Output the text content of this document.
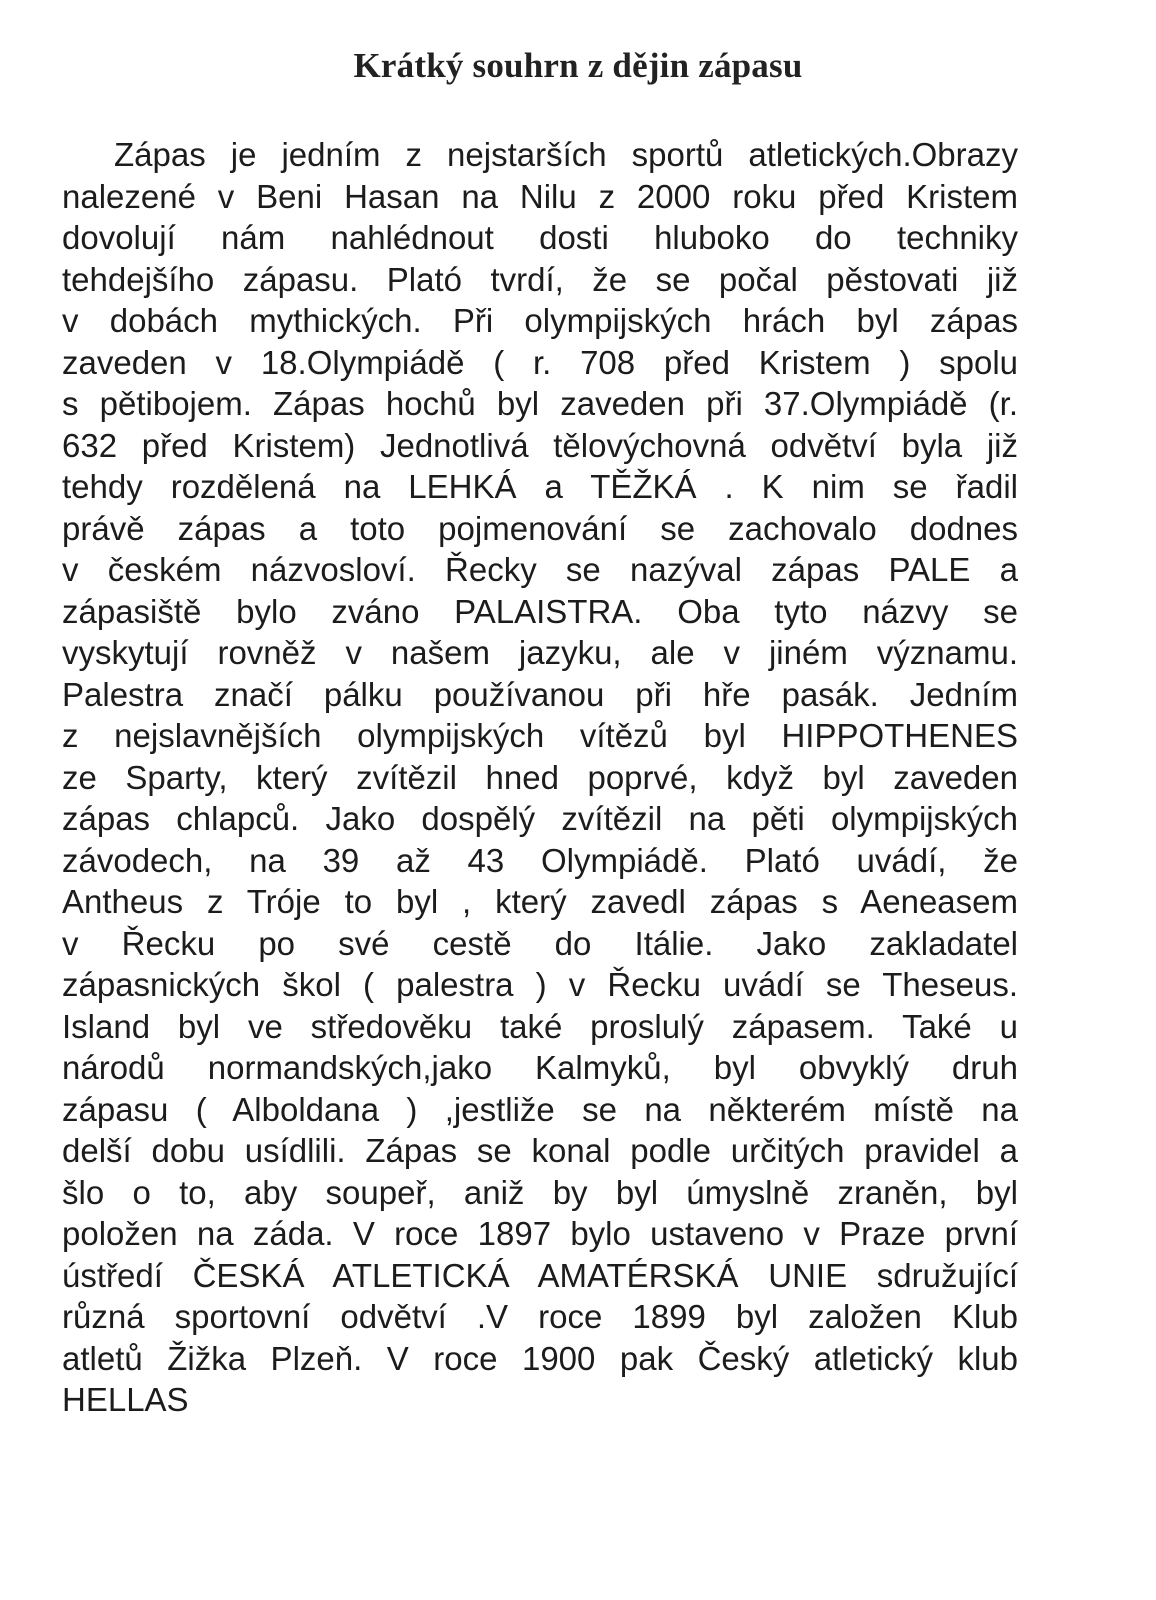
Krátký souhrn z dějin zápasu
Zápas je jedním z nejstarších sportů atletických.Obrazy
nalezené v Beni Hasan na Nilu z 2000 roku před Kristem
dovolují nám nahlédnout dosti hluboko do techniky
tehdejšího zápasu. Plató tvrdí, že se počal pěstovati již
v dobách mythických. Při olympijských hrách byl zápas
zaveden v 18.Olympiádě ( r. 708 před Kristem ) spolu
s pětibojem. Zápas hochů byl zaveden při 37.Olympiádě (r.
632 před Kristem) Jednotlivá tělovýchovná odvětví byla již
tehdy rozdělená na LEHKÁ a TĚŽKÁ . K nim se řadil
právě zápas a toto pojmenování se zachovalo dodnes
v českém názvosloví. Řecky se nazýval zápas PALE a
zápasiště bylo zváno PALAISTRA. Oba tyto názvy se
vyskytují rovněž v našem jazyku, ale v jiném významu.
Palestra značí pálku používanou při hře pasák. Jedním
z nejslavnějších olympijských vítězů byl HIPPOTHENES
ze Sparty, který zvítězil hned poprvé, když byl zaveden
zápas chlapců. Jako dospělý zvítězil na pěti olympijských
závodech, na 39 až 43 Olympiádě. Plató uvádí, že
Antheus z Tróje to byl , který zavedl zápas s Aeneasem
v Řecku po své cestě do Itálie. Jako zakladatel
zápasnických škol ( palestra ) v Řecku uvádí se Theseus.
Island byl ve středověku také proslulý zápasem. Také u
národů normandských,jako Kalmyků, byl obvyklý druh
zápasu ( Alboldana ) ,jestliže se na některém místě na
delší dobu usídlili. Zápas se konal podle určitých pravidel a
šlo o to, aby soupeř, aniž by byl úmyslně zraněn, byl
položen na záda. V roce 1897 bylo ustaveno v Praze první
ústředí ČESKÁ ATLETICKÁ AMATÉRSKÁ UNIE sdružující
různá sportovní odvětví .V roce 1899 byl založen Klub
atletů Žižka Plzeň. V roce 1900 pak Český atletický klub
HELLAS
